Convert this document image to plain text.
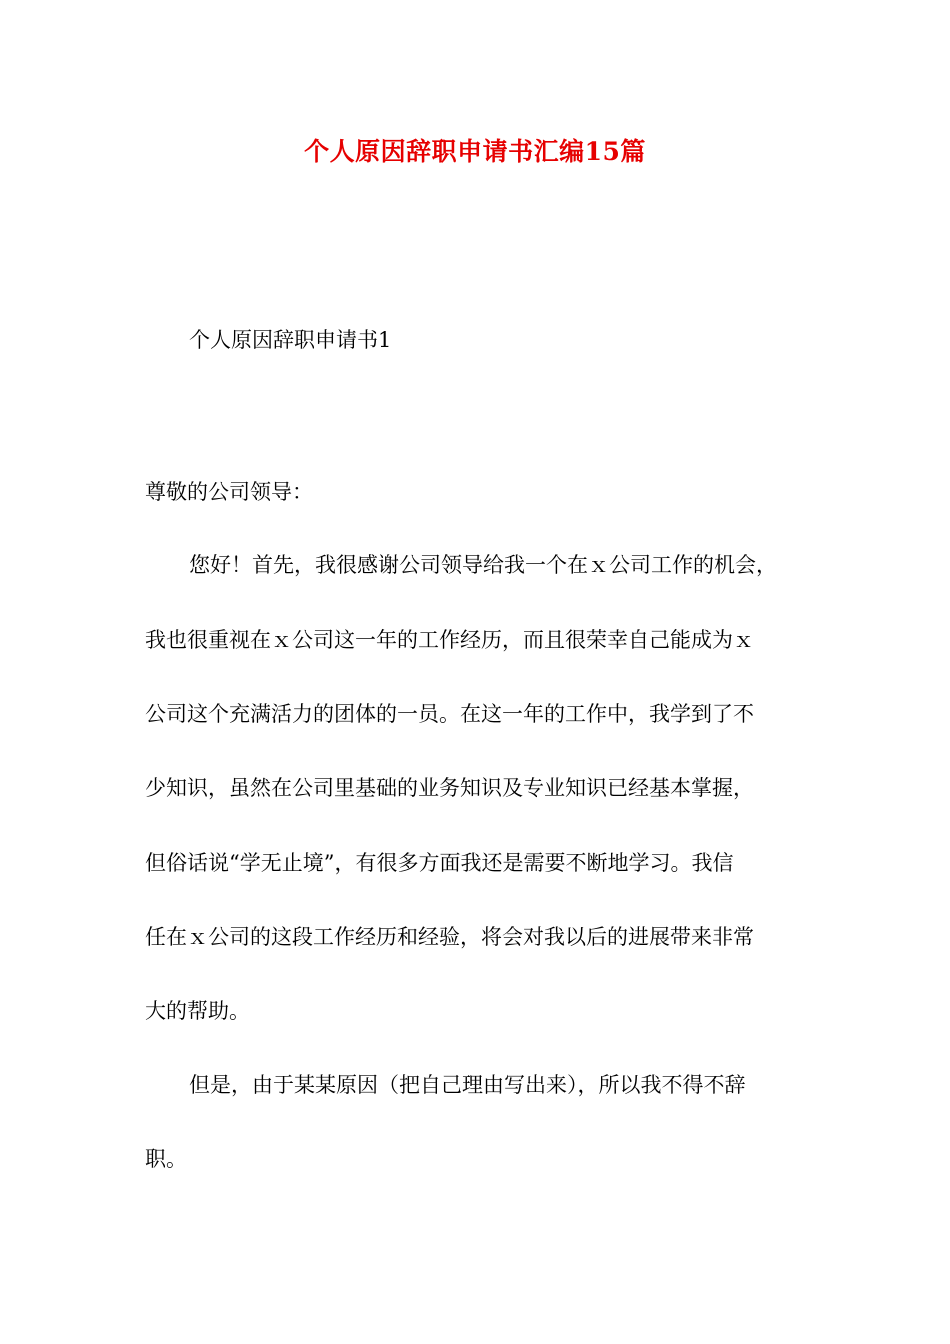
个人原因辞职申请书汇编15篇
个人原因辞职申请书1
尊敬的公司领导：
您好！首先，我很感谢公司领导给我一个在ｘ公司工作的机会，
我也很重视在ｘ公司这一年的工作经历，而且很荣幸自己能成为ｘ
公司这个充满活力的团体的一员。在这一年的工作中，我学到了不
少知识，虽然在公司里基础的业务知识及专业知识已经基本掌握，
但俗话说“学无止境”，有很多方面我还是需要不断地学习。我信
任在ｘ公司的这段工作经历和经验，将会对我以后的进展带来非常
大的帮助。
但是，由于某某原因（把自己理由写出来），所以我不得不辞
职。
